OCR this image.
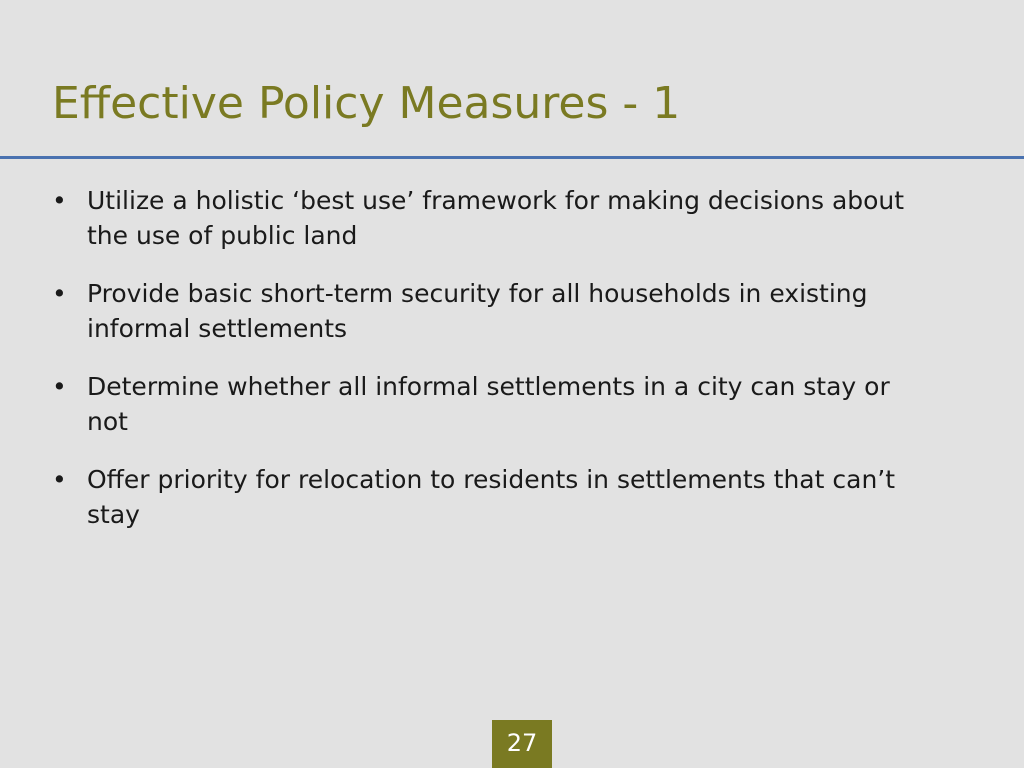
Effective Policy Measures - 1
• Utilize a holistic ‘best use’ framework for making decisions about the use of public land
• Provide basic short-term security for all households in existing informal settlements
• Determine whether all informal settlements in a city can stay or not
• Offer priority for relocation to residents in settlements that can’t stay
27
